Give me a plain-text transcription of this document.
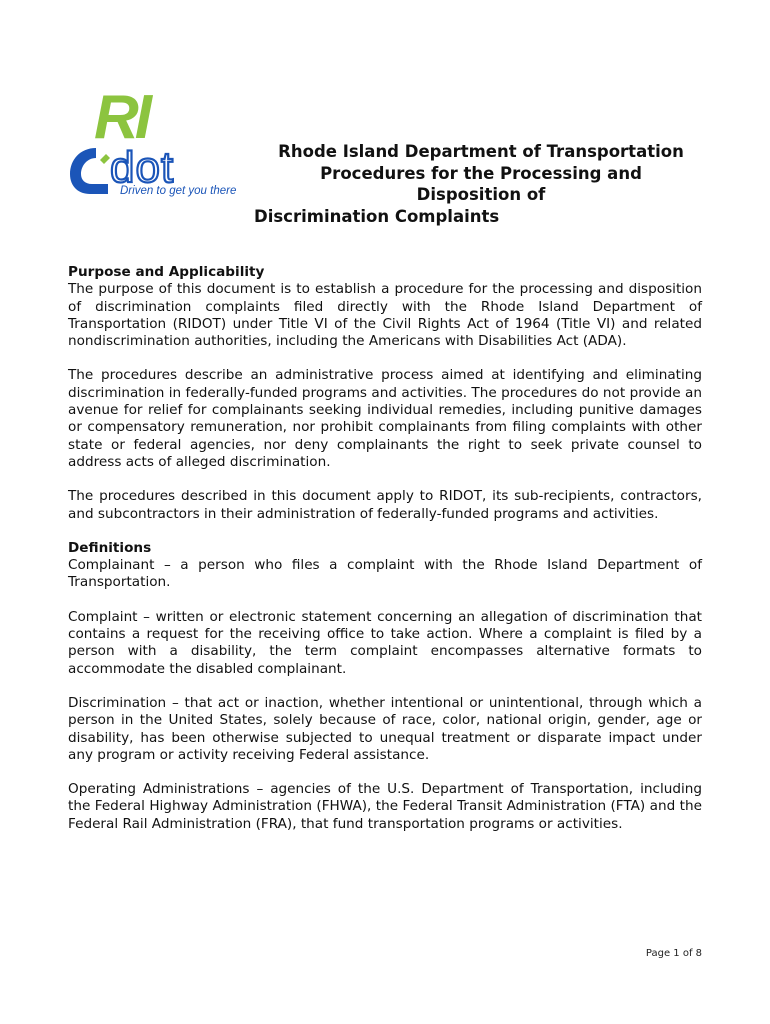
RI
dot
Driven to get you there
Rhode Island Department of Transportation
Procedures for the Processing and
Disposition of
Discrimination Complaints
Purpose and Applicability

The purpose of this document is to establish a procedure for the processing and disposition of discrimination complaints filed directly with the Rhode Island Department of Transportation (RIDOT) under Title VI of the Civil Rights Act of 1964 (Title VI) and related nondiscrimination authorities, including the Americans with Disabilities Act (ADA).

The procedures describe an administrative process aimed at identifying and eliminating discrimination in federally-funded programs and activities. The procedures do not provide an avenue for relief for complainants seeking individual remedies, including punitive damages or compensatory remuneration, nor prohibit complainants from filing complaints with other state or federal agencies, nor deny complainants the right to seek private counsel to address acts of alleged discrimination.

The procedures described in this document apply to RIDOT, its sub-recipients, contractors, and subcontractors in their administration of federally-funded programs and activities.

Definitions

Complainant – a person who files a complaint with the Rhode Island Department of Transportation.

Complaint – written or electronic statement concerning an allegation of discrimination that contains a request for the receiving office to take action. Where a complaint is filed by a person with a disability, the term complaint encompasses alternative formats to accommodate the disabled complainant.

Discrimination – that act or inaction, whether intentional or unintentional, through which a person in the United States, solely because of race, color, national origin, gender, age or disability, has been otherwise subjected to unequal treatment or disparate impact under any program or activity receiving Federal assistance.

Operating Administrations – agencies of the U.S. Department of Transportation, including the Federal Highway Administration (FHWA), the Federal Transit Administration (FTA) and the Federal Rail Administration (FRA), that fund transportation programs or activities.

Page 1 of 8
